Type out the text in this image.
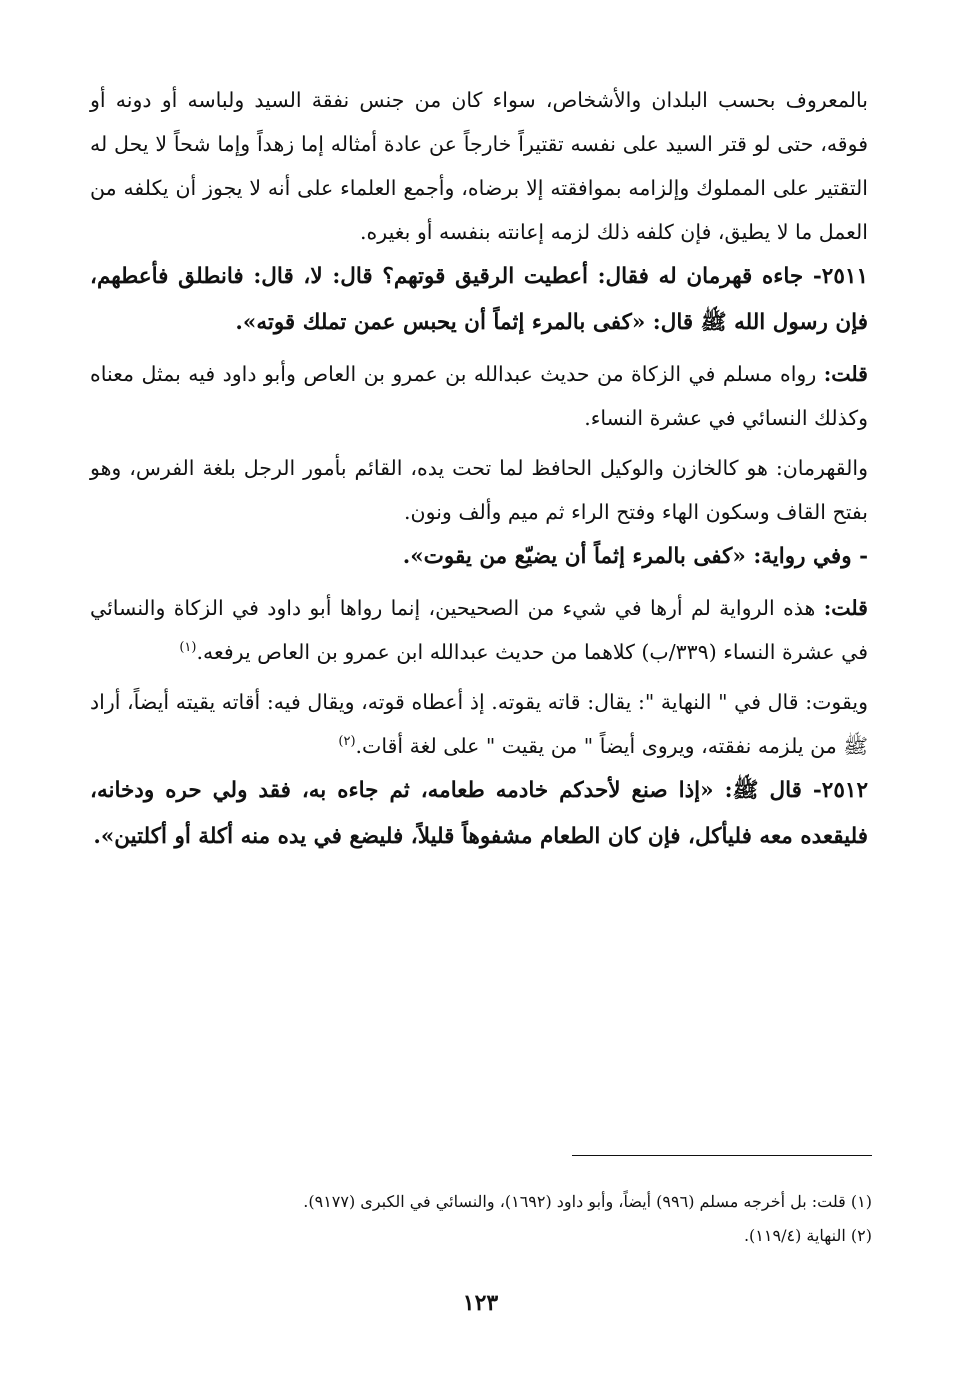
بالمعروف بحسب البلدان والأشخاص، سواء كان من جنس نفقة السيد ولباسه أو دونه أو فوقه، حتى لو قتر السيد على نفسه تقتيراً خارجاً عن عادة أمثاله إما زهداً وإما شحاً لا يحل له التقتير على المملوك وإلزامه بموافقته إلا برضاه، وأجمع العلماء على أنه لا يجوز أن يكلفه من العمل ما لا يطيق، فإن كلفه ذلك لزمه إعانته بنفسه أو بغيره.

٢٥١١- جاءه قهرمان له فقال: أعطيت الرقيق قوتهم؟ قال: لا، قال: فانطلق فأعطهم، فإن رسول الله ﷺ قال: «كفى بالمرء إثماً أن يحبس عمن تملك قوته».

قلت: رواه مسلم في الزكاة من حديث عبدالله بن عمرو بن العاص وأبو داود فيه بمثل معناه وكذلك النسائي في عشرة النساء.

والقهرمان: هو كالخازن والوكيل الحافظ لما تحت يده، القائم بأمور الرجل بلغة الفرس، وهو بفتح القاف وسكون الهاء وفتح الراء ثم ميم وألف ونون.

- وفي رواية: «كفى بالمرء إثماً أن يضيّع من يقوت».

قلت: هذه الرواية لم أرها في شيء من الصحيحين، إنما رواها أبو داود في الزكاة والنسائي في عشرة النساء (٣٣٩/ب) كلاهما من حديث عبدالله ابن عمرو بن العاص يرفعه.$^{(١)}$

ويقوت: قال في " النهاية ": يقال: قاته يقوته. إذ أعطاه قوته، ويقال فيه: أقاته يقيته أيضاً، أراد ﷺ من يلزمه نفقته، ويروى أيضاً " من يقيت " على لغة أقات.$^{(٢)}$

٢٥١٢- قال ﷺ: «إذا صنع لأحدكم خادمه طعامه، ثم جاءه به، فقد ولي حره ودخانه، فليقعده معه فليأكل، فإن كان الطعام مشفوهاً قليلاً، فليضع في يده منه أكلة أو أكلتين».

(١) قلت: بل أخرجه مسلم (٩٩٦) أيضاً، وأبو داود (١٦٩٢)، والنسائي في الكبرى (٩١٧٧).
(٢) النهاية (١١٩/٤).
١٢٣
